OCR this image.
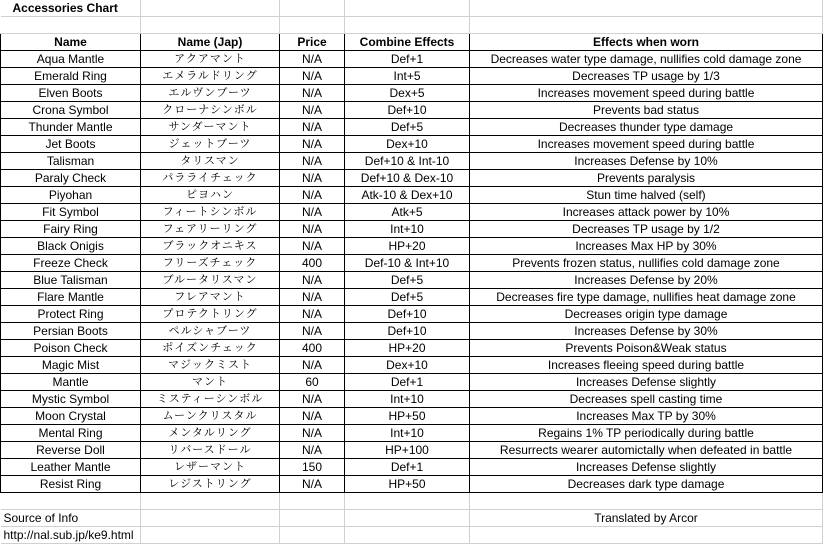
Accessories Chart				

Name	Name (Jap)	Price	Combine Effects	Effects when worn
Aqua Mantle	アクアマント	N/A	Def+1	Decreases water type damage, nullifies cold damage zone
Emerald Ring	エメラルドリング	N/A	Int+5	Decreases TP usage by 1/3
Elven Boots	エルヴンブーツ	N/A	Dex+5	Increases movement speed during battle
Crona Symbol	クローナシンボル	N/A	Def+10	Prevents bad status
Thunder Mantle	サンダーマント	N/A	Def+5	Decreases thunder type damage
Jet Boots	ジェットブーツ	N/A	Dex+10	Increases movement speed during battle
Talisman	タリスマン	N/A	Def+10 & Int-10	Increases Defense by 10%
Paraly Check	パラライチェック	N/A	Def+10 & Dex-10	Prevents paralysis
Piyohan	ピヨハン	N/A	Atk-10 & Dex+10	Stun time halved (self)
Fit Symbol	フィートシンボル	N/A	Atk+5	Increases attack power by 10%
Fairy Ring	フェアリーリング	N/A	Int+10	Decreases TP usage by 1/2
Black Onigis	ブラックオニキス	N/A	HP+20	Increases Max HP by 30%
Freeze Check	フリーズチェック	400	Def-10 & Int+10	Prevents frozen status, nullifies cold damage zone
Blue Talisman	ブルータリスマン	N/A	Def+5	Increases Defense by 20%
Flare Mantle	フレアマント	N/A	Def+5	Decreases fire type damage, nullifies heat damage zone
Protect Ring	プロテクトリング	N/A	Def+10	Decreases origin type damage
Persian Boots	ペルシャブーツ	N/A	Def+10	Increases Defense by 30%
Poison Check	ポイズンチェック	400	HP+20	Prevents Poison&Weak status
Magic Mist	マジックミスト	N/A	Dex+10	Increases fleeing speed during battle
Mantle	マント	60	Def+1	Increases Defense slightly
Mystic Symbol	ミスティーシンボル	N/A	Int+10	Decreases spell casting time
Moon Crystal	ムーンクリスタル	N/A	HP+50	Increases Max TP by 30%
Mental Ring	メンタルリング	N/A	Int+10	Regains 1% TP periodically during battle
Reverse Doll	リバースドール	N/A	HP+100	Resurrects wearer automictally when defeated in battle
Leather Mantle	レザーマント	150	Def+1	Increases Defense slightly
Resist Ring	レジストリング	N/A	HP+50	Decreases dark type damage

Source of Info				Translated by Arcor
http://nal.sub.jp/ke9.html				
